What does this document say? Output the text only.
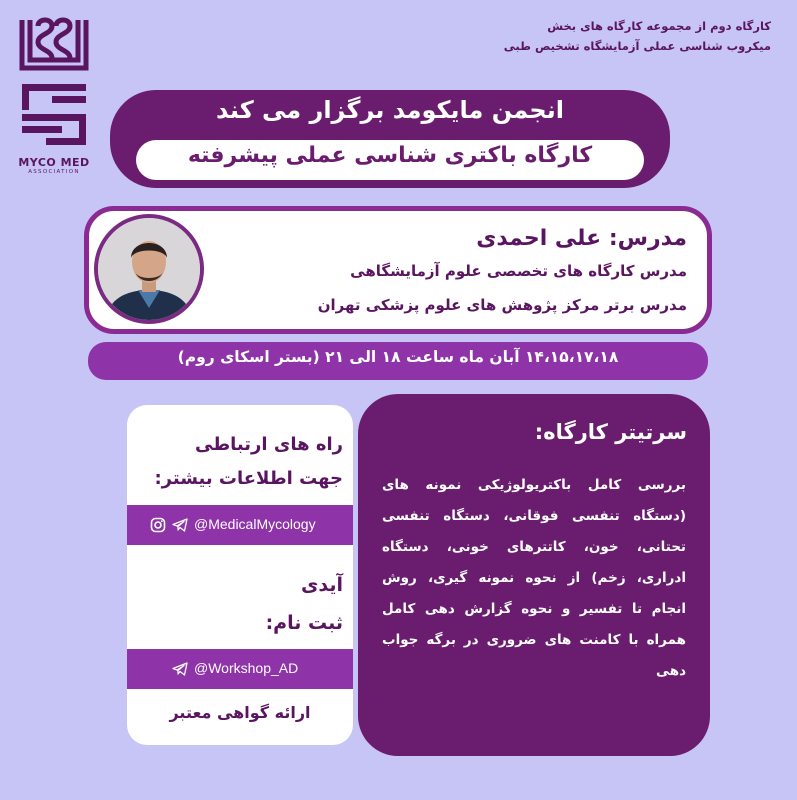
MYCO MED
ASSOCIATION
کارگاه دوم از مجموعه کارگاه های بخش
میکروب شناسی عملی آزمایشگاه تشخیص طبی
انجمن مایکومد برگزار می کند
کارگاه باکتری شناسی عملی پیشرفته
مدرس: علی احمدی
مدرس کارگاه های تخصصی علوم آزمایشگاهی
مدرس برتر مرکز پژوهش های علوم پزشکی تهران
۱۴،۱۵،۱۷،۱۸ آبان ماه ساعت ۱۸ الی ۲۱ (بستر اسکای روم)
سرتیتر کارگاه:
بررسی کامل باکتریولوژیکی نمونه های (دستگاه تنفسی فوقانی، دستگاه تنفسی تحتانی، خون، کاتترهای خونی، دستگاه ادراری، زخم) از نحوه نمونه گیری، روش انجام تا تفسیر و نحوه گزارش دهی کامل همراه با کامنت های ضروری در برگه جواب دهی
راه های ارتباطی
جهت اطلاعات بیشتر:
@MedicalMycology
آیدی
ثبت نام:
@Workshop_AD
ارائه گواهی معتبر
